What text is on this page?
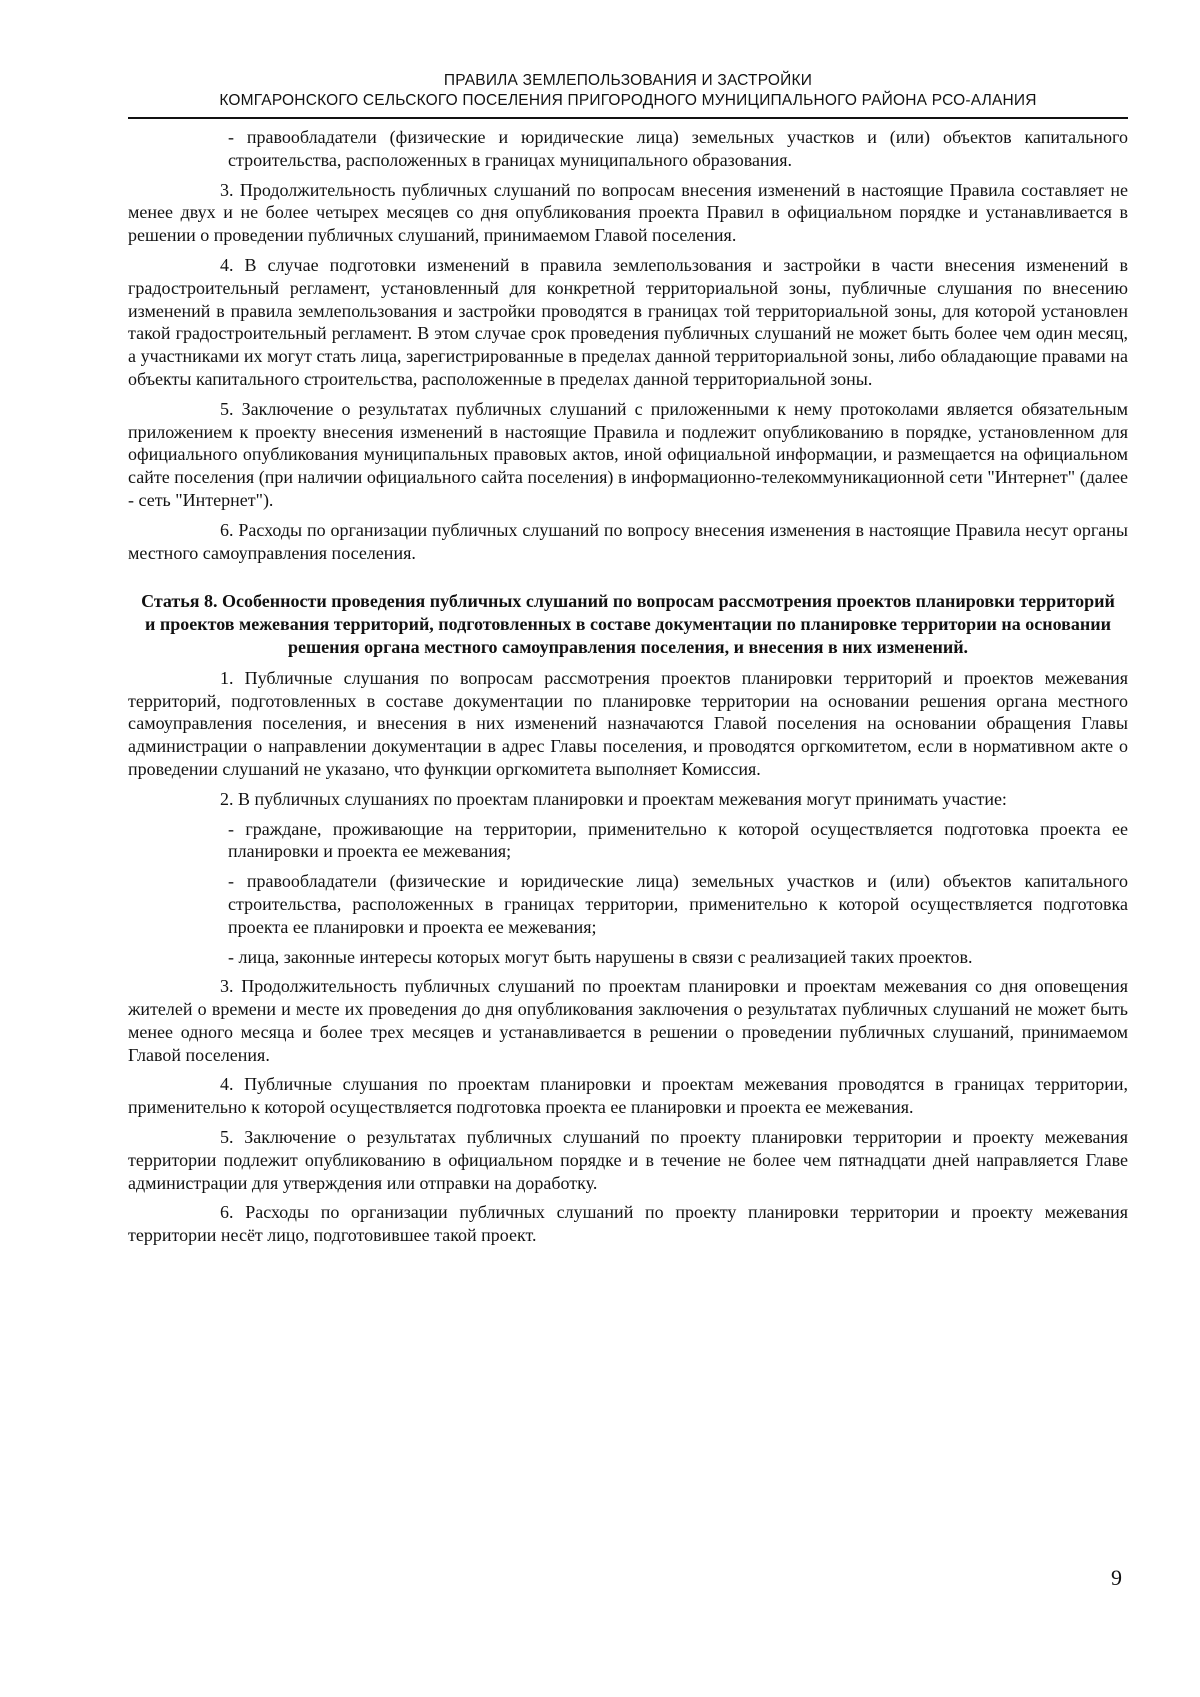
ПРАВИЛА ЗЕМЛЕПОЛЬЗОВАНИЯ И ЗАСТРОЙКИ
КОМГАРОНСКОГО СЕЛЬСКОГО ПОСЕЛЕНИЯ ПРИГОРОДНОГО МУНИЦИПАЛЬНОГО РАЙОНА РСО-АЛАНИЯ

- правообладатели (физические и юридические лица) земельных участков и (или) объектов капитального строительства, расположенных в границах муниципального образования.

3. Продолжительность публичных слушаний по вопросам внесения изменений в настоящие Правила составляет не менее двух и не более четырех месяцев со дня опубликования проекта Правил в официальном порядке и устанавливается в решении о проведении публичных слушаний, принимаемом Главой поселения.

4. В случае подготовки изменений в правила землепользования и застройки в части внесения изменений в градостроительный регламент, установленный для конкретной территориальной зоны, публичные слушания по внесению изменений в правила землепользования и застройки проводятся в границах той территориальной зоны, для которой установлен такой градостроительный регламент. В этом случае срок проведения публичных слушаний не может быть более чем один месяц, а участниками их могут стать лица, зарегистрированные в пределах данной территориальной зоны, либо обладающие правами на объекты капитального строительства, расположенные в пределах данной территориальной зоны.

5. Заключение о результатах публичных слушаний с приложенными к нему протоколами является обязательным приложением к проекту внесения изменений в настоящие Правила и подлежит опубликованию в порядке, установленном для официального опубликования муниципальных правовых актов, иной официальной информации, и размещается на официальном сайте поселения (при наличии официального сайта поселения) в информационно-телекоммуникационной сети "Интернет" (далее - сеть "Интернет").

6. Расходы по организации публичных слушаний по вопросу внесения изменения в настоящие Правила несут органы местного самоуправления поселения.

Статья 8. Особенности проведения публичных слушаний по вопросам рассмотрения проектов планировки территорий и проектов межевания территорий, подготовленных в составе документации по планировке территории на основании решения органа местного самоуправления поселения, и внесения в них изменений.

1. Публичные слушания по вопросам рассмотрения проектов планировки территорий и проектов межевания территорий, подготовленных в составе документации по планировке территории на основании решения органа местного самоуправления поселения, и внесения в них изменений назначаются Главой поселения на основании обращения Главы администрации о направлении документации в адрес Главы поселения, и проводятся оргкомитетом, если в нормативном акте о проведении слушаний не указано, что функции оргкомитета выполняет Комиссия.

2. В публичных слушаниях по проектам планировки и проектам межевания могут принимать участие:

- граждане, проживающие на территории, применительно к которой осуществляется подготовка проекта ее планировки и проекта ее межевания;

- правообладатели (физические и юридические лица) земельных участков и (или) объектов капитального строительства, расположенных в границах территории, применительно к которой осуществляется подготовка проекта ее планировки и проекта ее межевания;

- лица, законные интересы которых могут быть нарушены в связи с реализацией таких проектов.

3. Продолжительность публичных слушаний по проектам планировки и проектам межевания со дня оповещения жителей о времени и месте их проведения до дня опубликования заключения о результатах публичных слушаний не может быть менее одного месяца и более трех месяцев и устанавливается в решении о проведении публичных слушаний, принимаемом Главой поселения.

4. Публичные слушания по проектам планировки и проектам межевания проводятся в границах территории, применительно к которой осуществляется подготовка проекта ее планировки и проекта ее межевания.

5. Заключение о результатах публичных слушаний по проекту планировки территории и проекту межевания территории подлежит опубликованию в официальном порядке и в течение не более чем пятнадцати дней направляется Главе администрации для утверждения или отправки на доработку.

6. Расходы по организации публичных слушаний по проекту планировки территории и проекту межевания территории несёт лицо, подготовившее такой проект.

9
